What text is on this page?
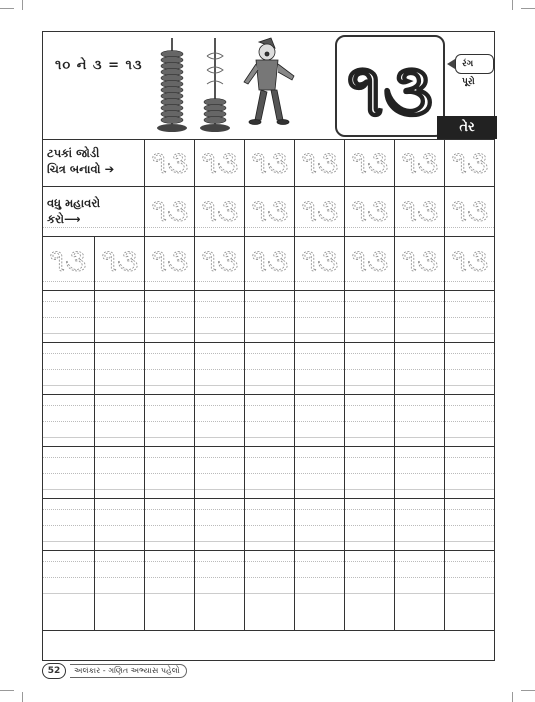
૧૦ ને ૩ = ૧૩	૧૩	રંગ પૂરો
તેર
ટપકાં જોડી
ચિત્ર બનાવો ➔ ૧૩ ૧૩ ૧૩ ૧૩ ૧૩ ૧૩ ૧૩
વધુ મહાવરો
કરો⟶	૧૩ ૧૩ ૧૩ ૧૩ ૧૩ ૧૩ ૧૩
૧૩ ૧૩ ૧૩ ૧૩ ૧૩ ૧૩ ૧૩ ૧૩ ૧૩
52	અલંકાર - ગણિત અભ્યાસ પહેલો
